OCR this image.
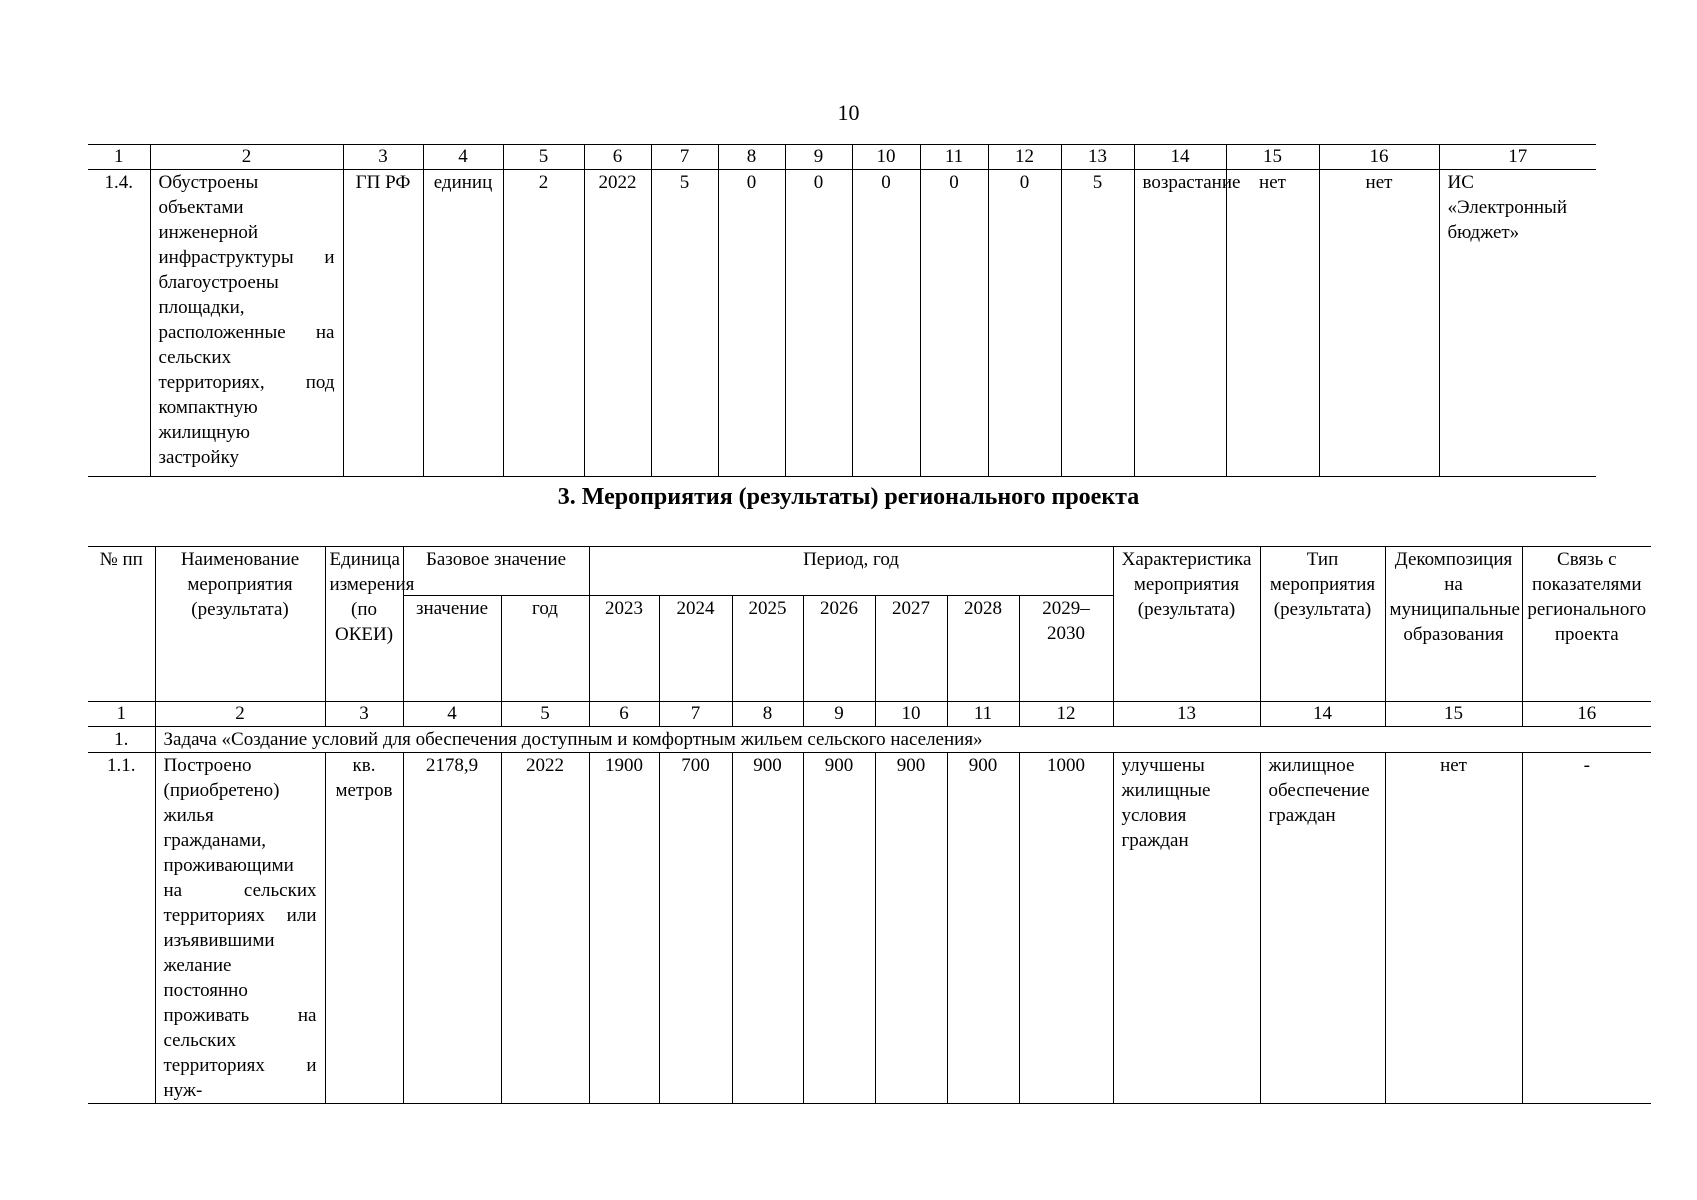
10
1	2	3	4	5	6	7	8	9	10	11	12	13	14	15	16	17
1.4.	Обустроены объектами инженерной инфраструктуры и благоустроены площадки, расположенные на сельских территориях, под компактную жилищную застройку	ГП РФ	единиц	2	2022	5	0	0	0	0	0	5	возрастание	нет	нет	ИС «Электронный бюджет»
3. Мероприятия (результаты) регионального проекта
№ пп	Наименование мероприятия (результата)	Единица измерения (по ОКЕИ)	Базовое значение		Период, год							Характеристика мероприятия (результата)	Тип мероприятия (результата)	Декомпозиция на муниципальные образования	Связь с показателями регионального проекта
			значение	год	2023	2024	2025	2026	2027	2028	2029–2030				
1	2	3	4	5	6	7	8	9	10	11	12	13	14	15	16
1.	Задача «Создание условий для обеспечения доступным и комфортным жильем сельского населения»														
1.1.	Построено (приобретено) жилья гражданами, проживающими на сельских территориях или изъявившими желание постоянно проживать на сельских территориях и нуж-	кв. метров	2178,9	2022	1900	700	900	900	900	900	1000	улучшены жилищные условия граждан	жилищное обеспечение граждан	нет	-
